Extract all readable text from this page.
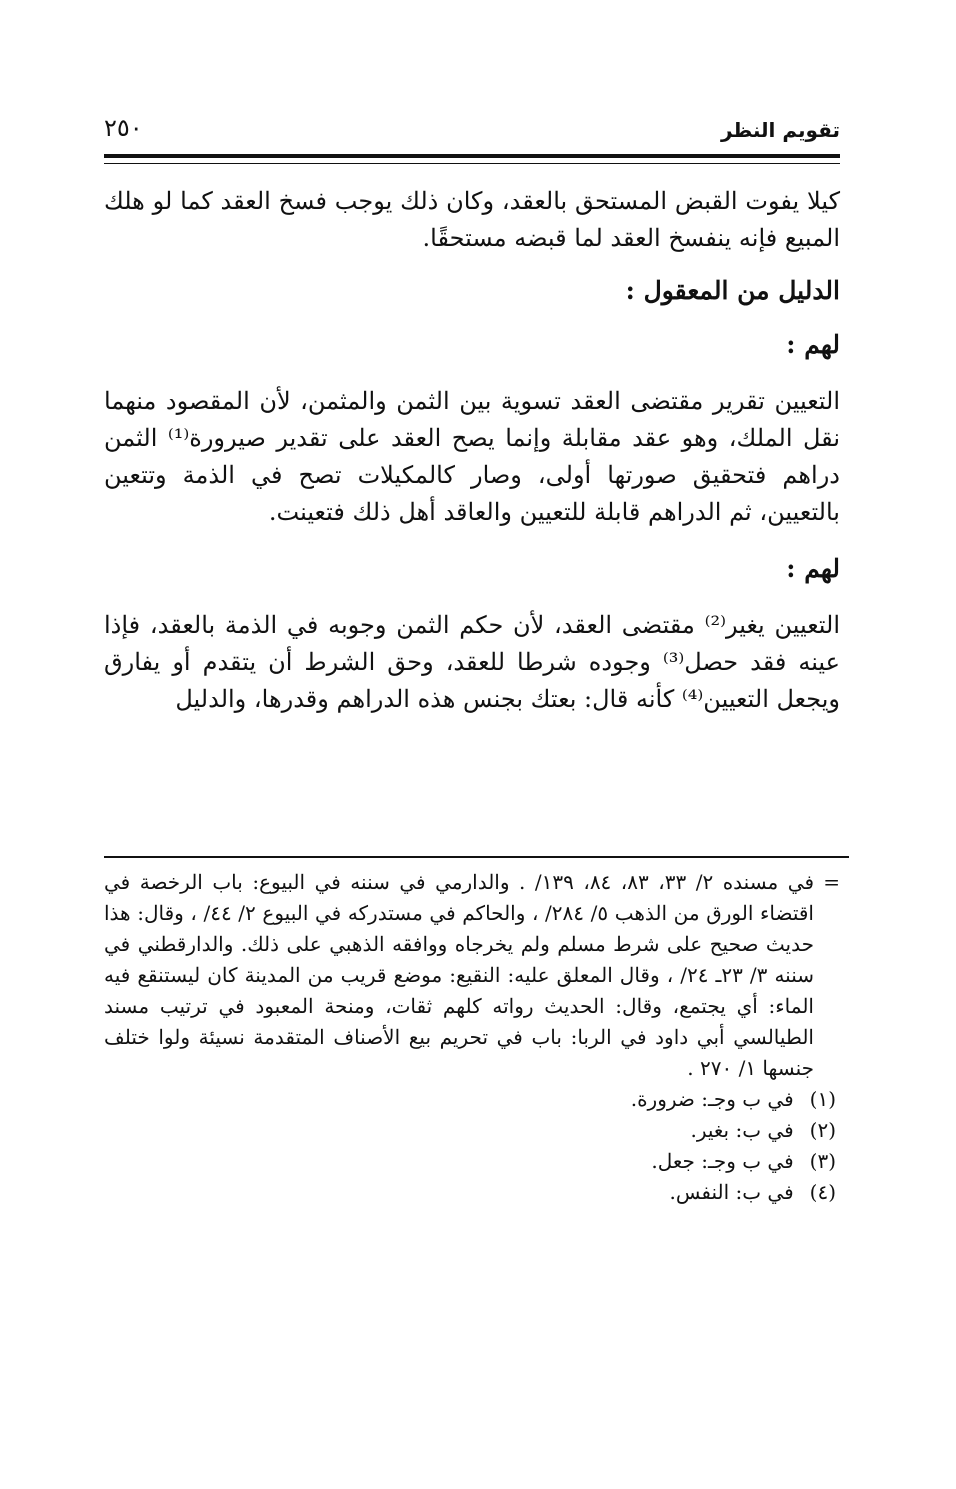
تقويم النظر
٢٥٠

كيلا يفوت القبض المستحق بالعقد، وكان ذلك يوجب فسخ العقد كما لو هلك المبيع فإنه ينفسخ العقد لما قبضه مستحقًا.

الدليل من المعقول :

لهم :

التعيين تقرير مقتضى العقد تسوية بين الثمن والمثمن، لأن المقصود منهما نقل الملك، وهو عقد مقابلة وإنما يصح العقد على تقدير صيرورة⁽¹⁾ الثمن دراهم فتحقيق صورتها أولى، وصار كالمكيلات تصح في الذمة وتتعين بالتعيين، ثم الدراهم قابلة للتعيين والعاقد أهل ذلك فتعينت.

لهم :

التعيين يغير⁽²⁾ مقتضى العقد، لأن حكم الثمن وجوبه في الذمة بالعقد، فإذا عينه فقد حصل⁽³⁾ وجوده شرطا للعقد، وحق الشرط أن يتقدم أو يفارق ويجعل التعيين⁽⁴⁾ كأنه قال: بعتك بجنس هذه الدراهم وقدرها، والدليل

=
في مسنده ٢/ ٣٣، ٨٣، ٨٤، ١٣٩/ . والدارمي في سننه في البيوع: باب الرخصة في اقتضاء الورق من الذهب ٥/ ٢٨٤/ ، والحاكم في مستدركه في البيوع ٢/ ٤٤/ ، وقال: هذا حديث صحيح على شرط مسلم ولم يخرجاه ووافقه الذهبي على ذلك. والدارقطني في سننه ٣/ ٢٣ـ ٢٤/ ، وقال المعلق عليه: النقيع: موضع قريب من المدينة كان ليستنقع فيه الماء: أي يجتمع، وقال: الحديث رواته كلهم ثقات، ومنحة المعبود في ترتيب مسند الطيالسي أبي داود في الربا: باب في تحريم بيع الأصناف المتقدمة نسيئة ولوا ختلف جنسها ١/ ٢٧٠ .

(١) في ب وجـ: ضرورة.

(٢) في ب: بغير.

(٣) في ب وجـ: جعل.

(٤) في ب: النفس.
